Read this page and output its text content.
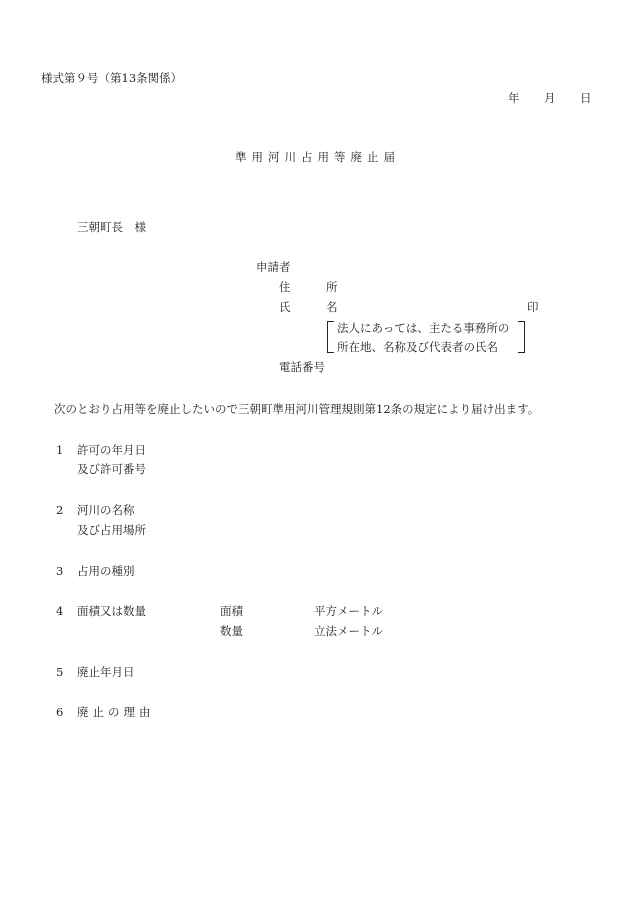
様式第９号（第13条関係）
年 月 日
準用河川占用等廃止届
三朝町長　様
申請者
住	所
氏	名	印
法人にあっては、主たる事務所の
所在地、名称及び代表者の氏名
電話番号
次のとおり占用等を廃止したいので三朝町準用河川管理規則第12条の規定により届け出ます。
1 許可の年月日
及び許可番号
2 河川の名称
及び占用場所
3 占用の種別
4 面積又は数量	面積	平方メートル
数量	立法メートル
5 廃止年月日
6 廃止の理由
